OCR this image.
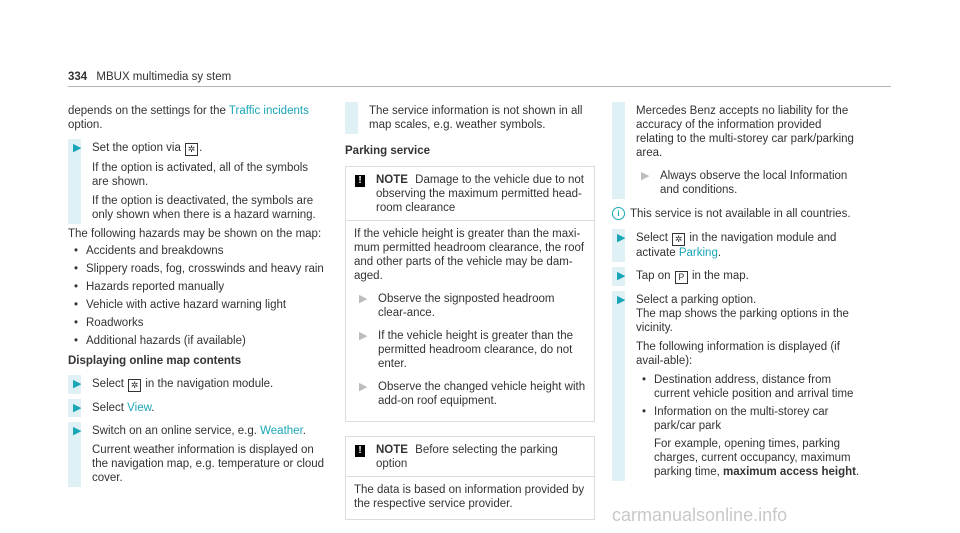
334 MBUX multimedia sy stem
depends on the settings for the Traffic incidents option.
▶ Set the option via ✲ .
If the option is activated, all of the symbols are shown.
If the option is deactivated, the symbols are only shown when there is a hazard warning.
The following hazards may be shown on the map:
• Accidents and breakdowns
• Slippery roads, fog, crosswinds and heavy rain
• Hazards reported manually
• Vehicle with active hazard warning light
• Roadworks
• Additional hazards (if available)
Displaying online map contents
▶ Select ✲ in the navigation module.
▶ Select View.
▶ Switch on an online service, e.g. Weather.
Current weather information is displayed on the navigation map, e.g. temperature or cloud cover.
The service information is not shown in all map scales, e.g. weather symbols.
Parking service
! NOTE Damage to the vehicle due to not observing the maximum permitted head-room clearance
If the vehicle height is greater than the maxi-mum permitted headroom clearance, the roof and other parts of the vehicle may be dam-aged.
▶ Observe the signposted headroom clear-ance.
▶ If the vehicle height is greater than the permitted headroom clearance, do not enter.
▶ Observe the changed vehicle height with add-on roof equipment.
! NOTE Before selecting the parking option
The data is based on information provided by the respective service provider.
Mercedes Benz accepts no liability for the accuracy of the information provided relating to the multi-storey car park/parking area.
▶ Always observe the local Information and conditions.
i This service is not available in all countries.
▶ Select ✲ in the navigation module and activate Parking.
▶ Tap on P in the map.
▶ Select a parking option.
The map shows the parking options in the vicinity.
The following information is displayed (if avail-able):
• Destination address, distance from current vehicle position and arrival time
• Information on the multi-storey car park/car park
For example, opening times, parking charges, current occupancy, maximum parking time, maximum access height.
carmanualsonline.info
